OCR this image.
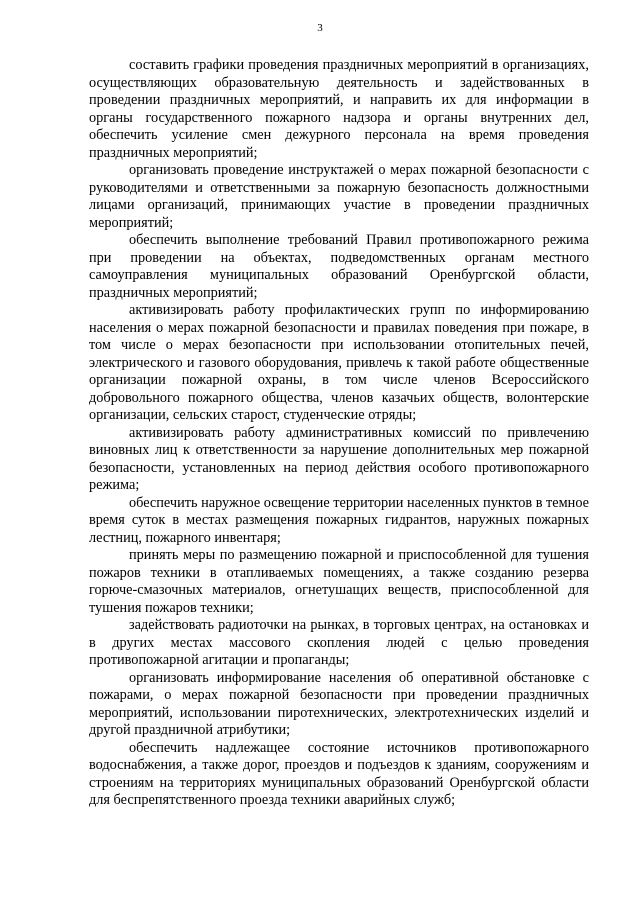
3

составить графики проведения праздничных мероприятий в организациях, осуществляющих образовательную деятельность и задействованных в проведении праздничных мероприятий, и направить их для информации в органы государственного пожарного надзора и органы внутренних дел, обеспечить усиление смен дежурного персонала на время проведения праздничных мероприятий;

организовать проведение инструктажей о мерах пожарной безопасности с руководителями и ответственными за пожарную безопасность должностными лицами организаций, принимающих участие в проведении праздничных мероприятий;

обеспечить выполнение требований Правил противопожарного режима при проведении на объектах, подведомственных органам местного самоуправления муниципальных образований Оренбургской области, праздничных мероприятий;

активизировать работу профилактических групп по информированию населения о мерах пожарной безопасности и правилах поведения при пожаре, в том числе о мерах безопасности при использовании отопительных печей, электрического и газового оборудования, привлечь к такой работе общественные организации пожарной охраны, в том числе членов Всероссийского добровольного пожарного общества, членов казачьих обществ, волонтерские организации, сельских старост, студенческие отряды;

активизировать работу административных комиссий по привлечению виновных лиц к ответственности за нарушение дополнительных мер пожарной безопасности, установленных на период действия особого противопожарного режима;

обеспечить наружное освещение территории населенных пунктов в темное время суток в местах размещения пожарных гидрантов, наружных пожарных лестниц, пожарного инвентаря;

принять меры по размещению пожарной и приспособленной для тушения пожаров техники в отапливаемых помещениях, а также созданию резерва горюче-смазочных материалов, огнетушащих веществ, приспособленной для тушения пожаров техники;

задействовать радиоточки на рынках, в торговых центрах, на остановках и в других местах массового скопления людей с целью проведения противопожарной агитации и пропаганды;

организовать информирование населения об оперативной обстановке с пожарами, о мерах пожарной безопасности при проведении праздничных мероприятий, использовании пиротехнических, электротехнических изделий и другой праздничной атрибутики;

обеспечить надлежащее состояние источников противопожарного водоснабжения, а также дорог, проездов и подъездов к зданиям, сооружениям и строениям на территориях муниципальных образований Оренбургской области для беспрепятственного проезда техники аварийных служб;
